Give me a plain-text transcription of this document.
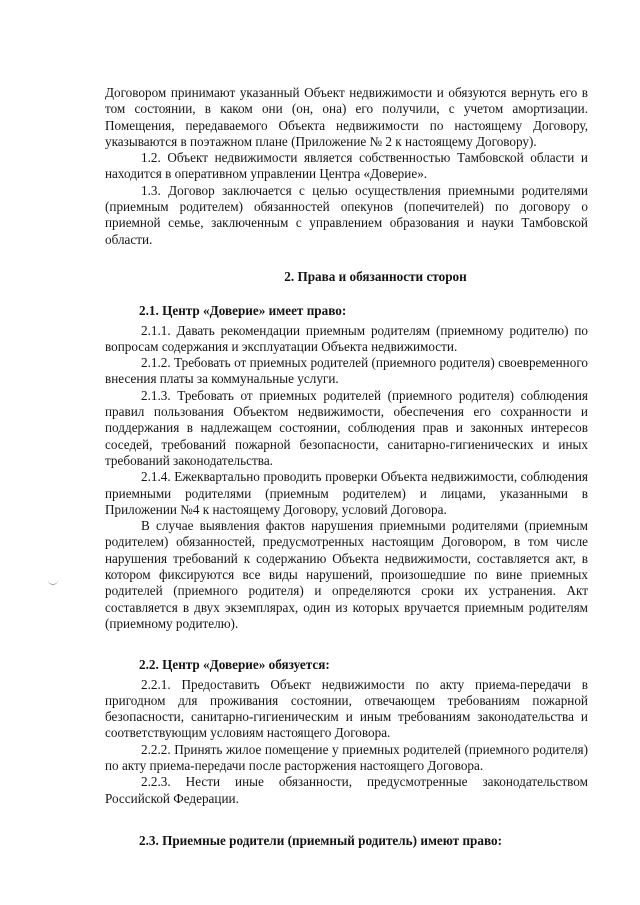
Договором принимают указанный Объект недвижимости и обязуются вернуть его в том состоянии, в каком они (он, она) его получили, с учетом амортизации. Помещения, передаваемого Объекта недвижимости по настоящему Договору, указываются в поэтажном плане (Приложение № 2 к настоящему Договору).

1.2. Объект недвижимости является собственностью Тамбовской области и находится в оперативном управлении Центра «Доверие».

1.3. Договор заключается с целью осуществления приемными родителями (приемным родителем) обязанностей опекунов (попечителей) по договору о приемной семье, заключенным с управлением образования и науки Тамбовской области.

2. Права и обязанности сторон

2.1. Центр «Доверие» имеет право:

2.1.1. Давать рекомендации приемным родителям (приемному родителю) по вопросам содержания и эксплуатации Объекта недвижимости.

2.1.2. Требовать от приемных родителей (приемного родителя) своевременного внесения платы за коммунальные услуги.

2.1.3. Требовать от приемных родителей (приемного родителя) соблюдения правил пользования Объектом недвижимости, обеспечения его сохранности и поддержания в надлежащем состоянии, соблюдения прав и законных интересов соседей, требований пожарной безопасности, санитарно-гигиенических и иных требований законодательства.

2.1.4. Ежеквартально проводить проверки Объекта недвижимости, соблюдения приемными родителями (приемным родителем) и лицами, указанными в Приложении №4 к настоящему Договору, условий Договора.

В случае выявления фактов нарушения приемными родителями (приемным родителем) обязанностей, предусмотренных настоящим Договором, в том числе нарушения требований к содержанию Объекта недвижимости, составляется акт, в котором фиксируются все виды нарушений, произошедшие по вине приемных родителей (приемного родителя) и определяются сроки их устранения. Акт составляется в двух экземплярах, один из которых вручается приемным родителям (приемному родителю).

2.2. Центр «Доверие» обязуется:

2.2.1. Предоставить Объект недвижимости по акту приема-передачи в пригодном для проживания состоянии, отвечающем требованиям пожарной безопасности, санитарно-гигиеническим и иным требованиям законодательства и соответствующим условиям настоящего Договора.

2.2.2. Принять жилое помещение у приемных родителей (приемного родителя) по акту приема-передачи после расторжения настоящего Договора.

2.2.3. Нести иные обязанности, предусмотренные законодательством Российской Федерации.

2.3. Приемные родители (приемный родитель) имеют право:
